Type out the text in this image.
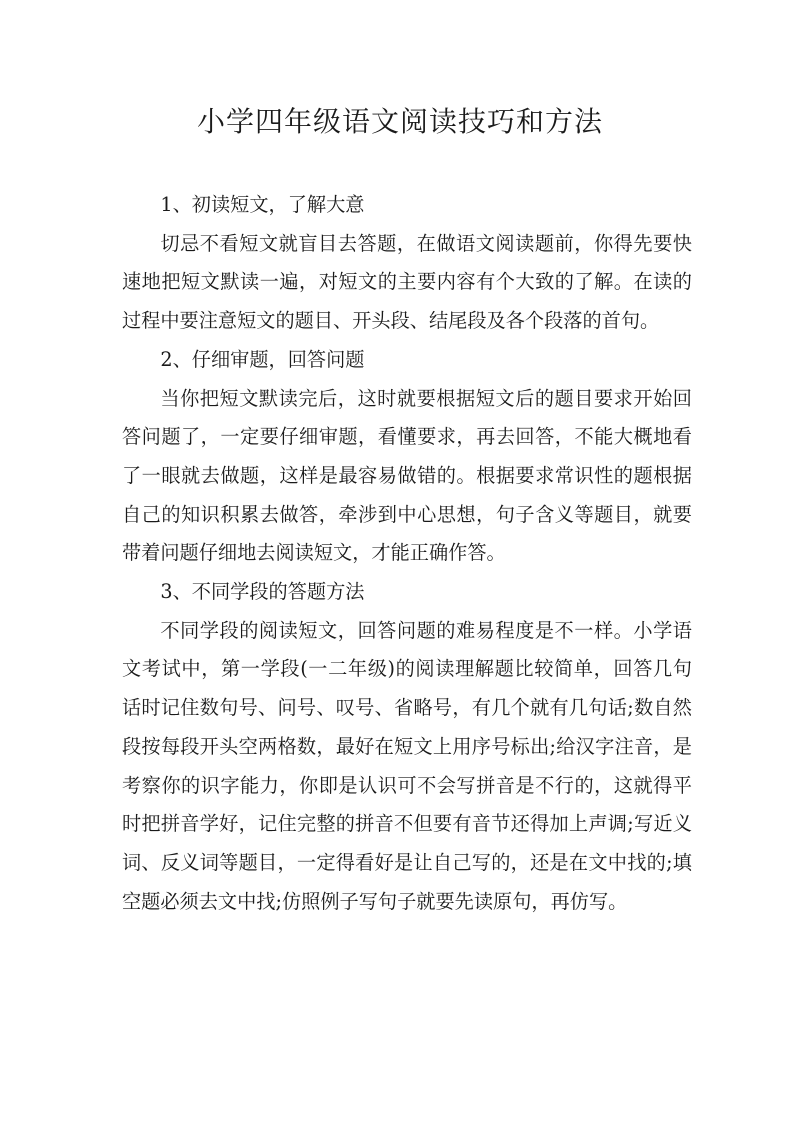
小学四年级语文阅读技巧和方法

1、初读短文，了解大意

切忌不看短文就盲目去答题，在做语文阅读题前，你得先要快速地把短文默读一遍，对短文的主要内容有个大致的了解。在读的过程中要注意短文的题目、开头段、结尾段及各个段落的首句。

2、仔细审题，回答问题

当你把短文默读完后，这时就要根据短文后的题目要求开始回答问题了，一定要仔细审题，看懂要求，再去回答，不能大概地看了一眼就去做题，这样是最容易做错的。根据要求常识性的题根据自己的知识积累去做答，牵涉到中心思想，句子含义等题目，就要带着问题仔细地去阅读短文，才能正确作答。

3、不同学段的答题方法

不同学段的阅读短文，回答问题的难易程度是不一样。小学语文考试中，第一学段(一二年级)的阅读理解题比较简单，回答几句话时记住数句号、问号、叹号、省略号，有几个就有几句话;数自然段按每段开头空两格数，最好在短文上用序号标出;给汉字注音，是考察你的识字能力，你即是认识可不会写拼音是不行的，这就得平时把拼音学好，记住完整的拼音不但要有音节还得加上声调;写近义词、反义词等题目，一定得看好是让自己写的，还是在文中找的;填空题必须去文中找;仿照例子写句子就要先读原句，再仿写。
